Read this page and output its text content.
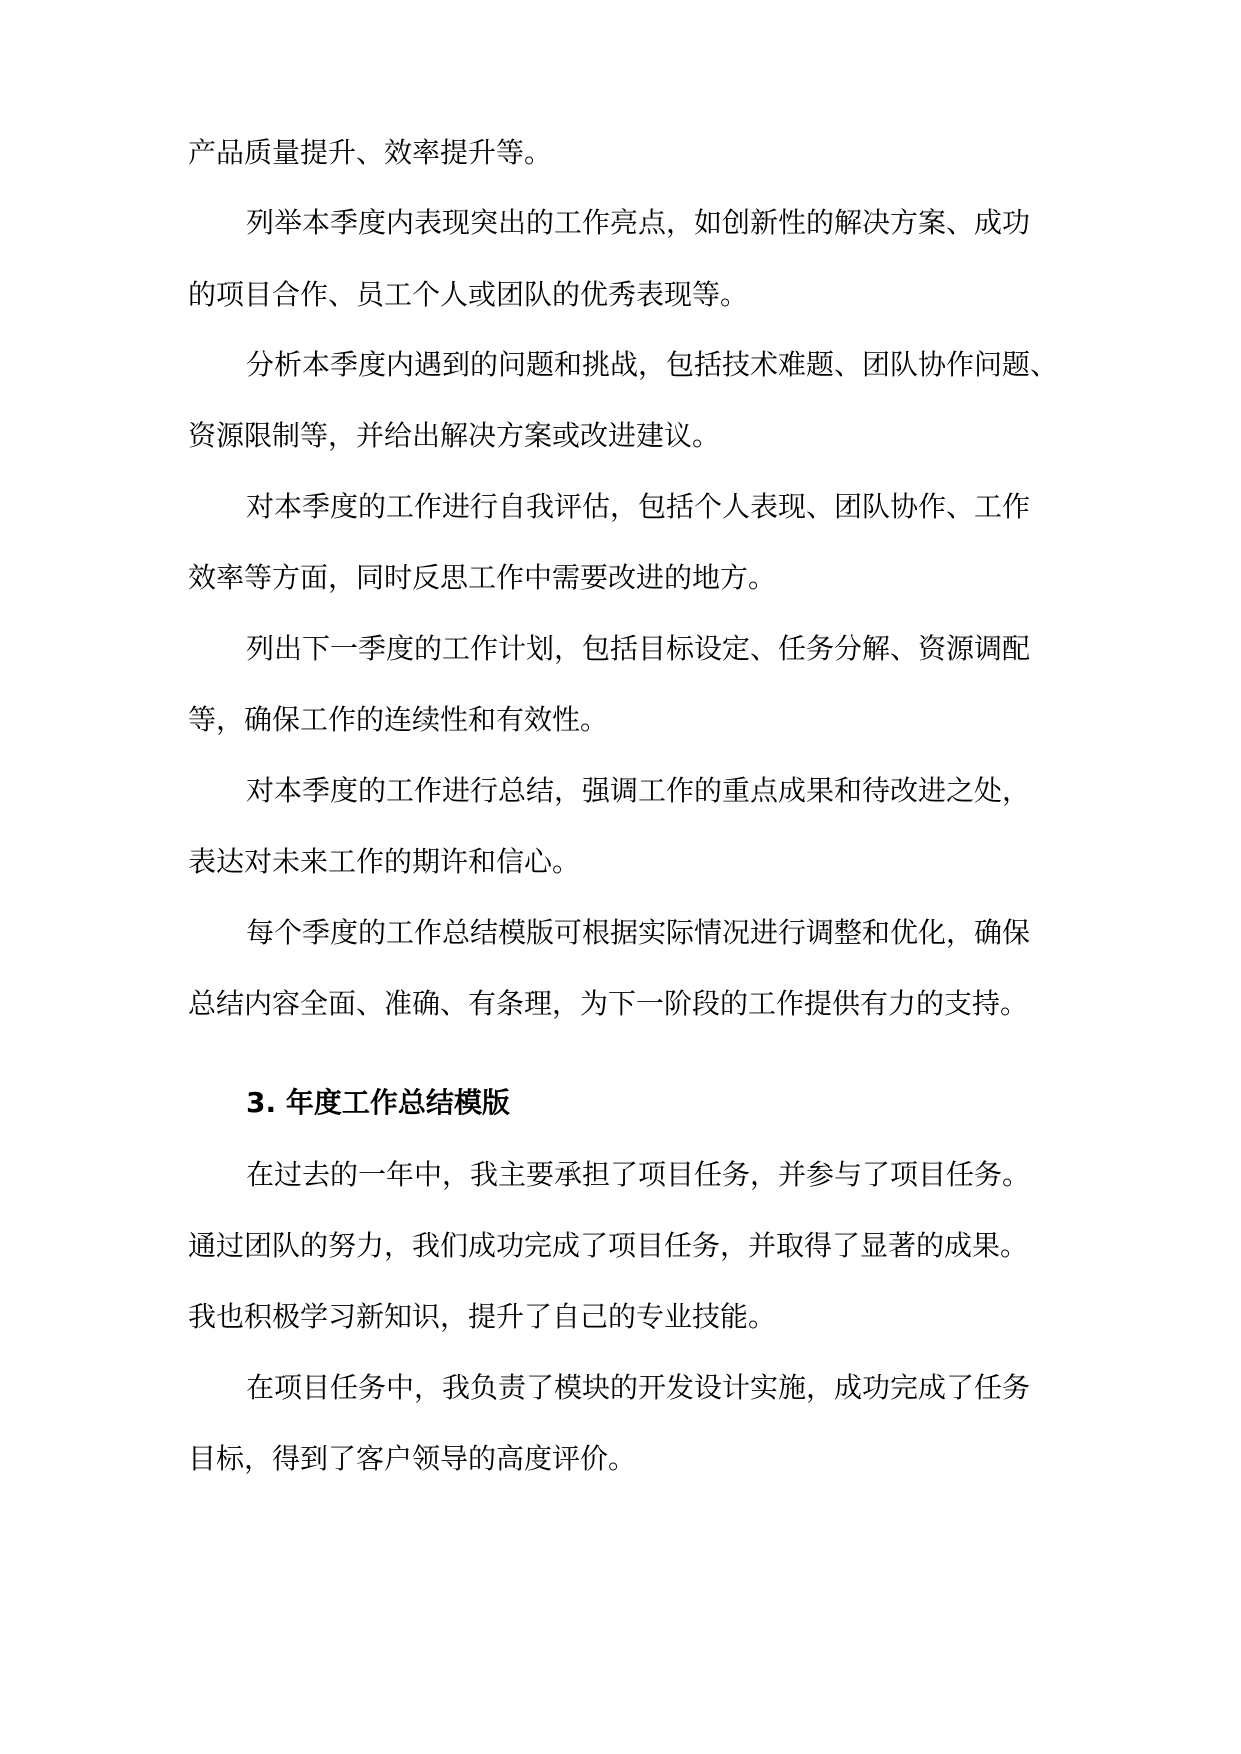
产品质量提升、效率提升等。

列举本季度内表现突出的工作亮点，如创新性的解决方案、成功

的项目合作、员工个人或团队的优秀表现等。

分析本季度内遇到的问题和挑战，包括技术难题、团队协作问题、

资源限制等，并给出解决方案或改进建议。

对本季度的工作进行自我评估，包括个人表现、团队协作、工作

效率等方面，同时反思工作中需要改进的地方。

列出下一季度的工作计划，包括目标设定、任务分解、资源调配

等，确保工作的连续性和有效性。

对本季度的工作进行总结，强调工作的重点成果和待改进之处，

表达对未来工作的期许和信心。

每个季度的工作总结模版可根据实际情况进行调整和优化，确保

总结内容全面、准确、有条理，为下一阶段的工作提供有力的支持。

3. 年度工作总结模版

在过去的一年中，我主要承担了项目任务，并参与了项目任务。

通过团队的努力，我们成功完成了项目任务，并取得了显著的成果。

我也积极学习新知识，提升了自己的专业技能。

在项目任务中，我负责了模块的开发设计实施，成功完成了任务

目标，得到了客户领导的高度评价。
